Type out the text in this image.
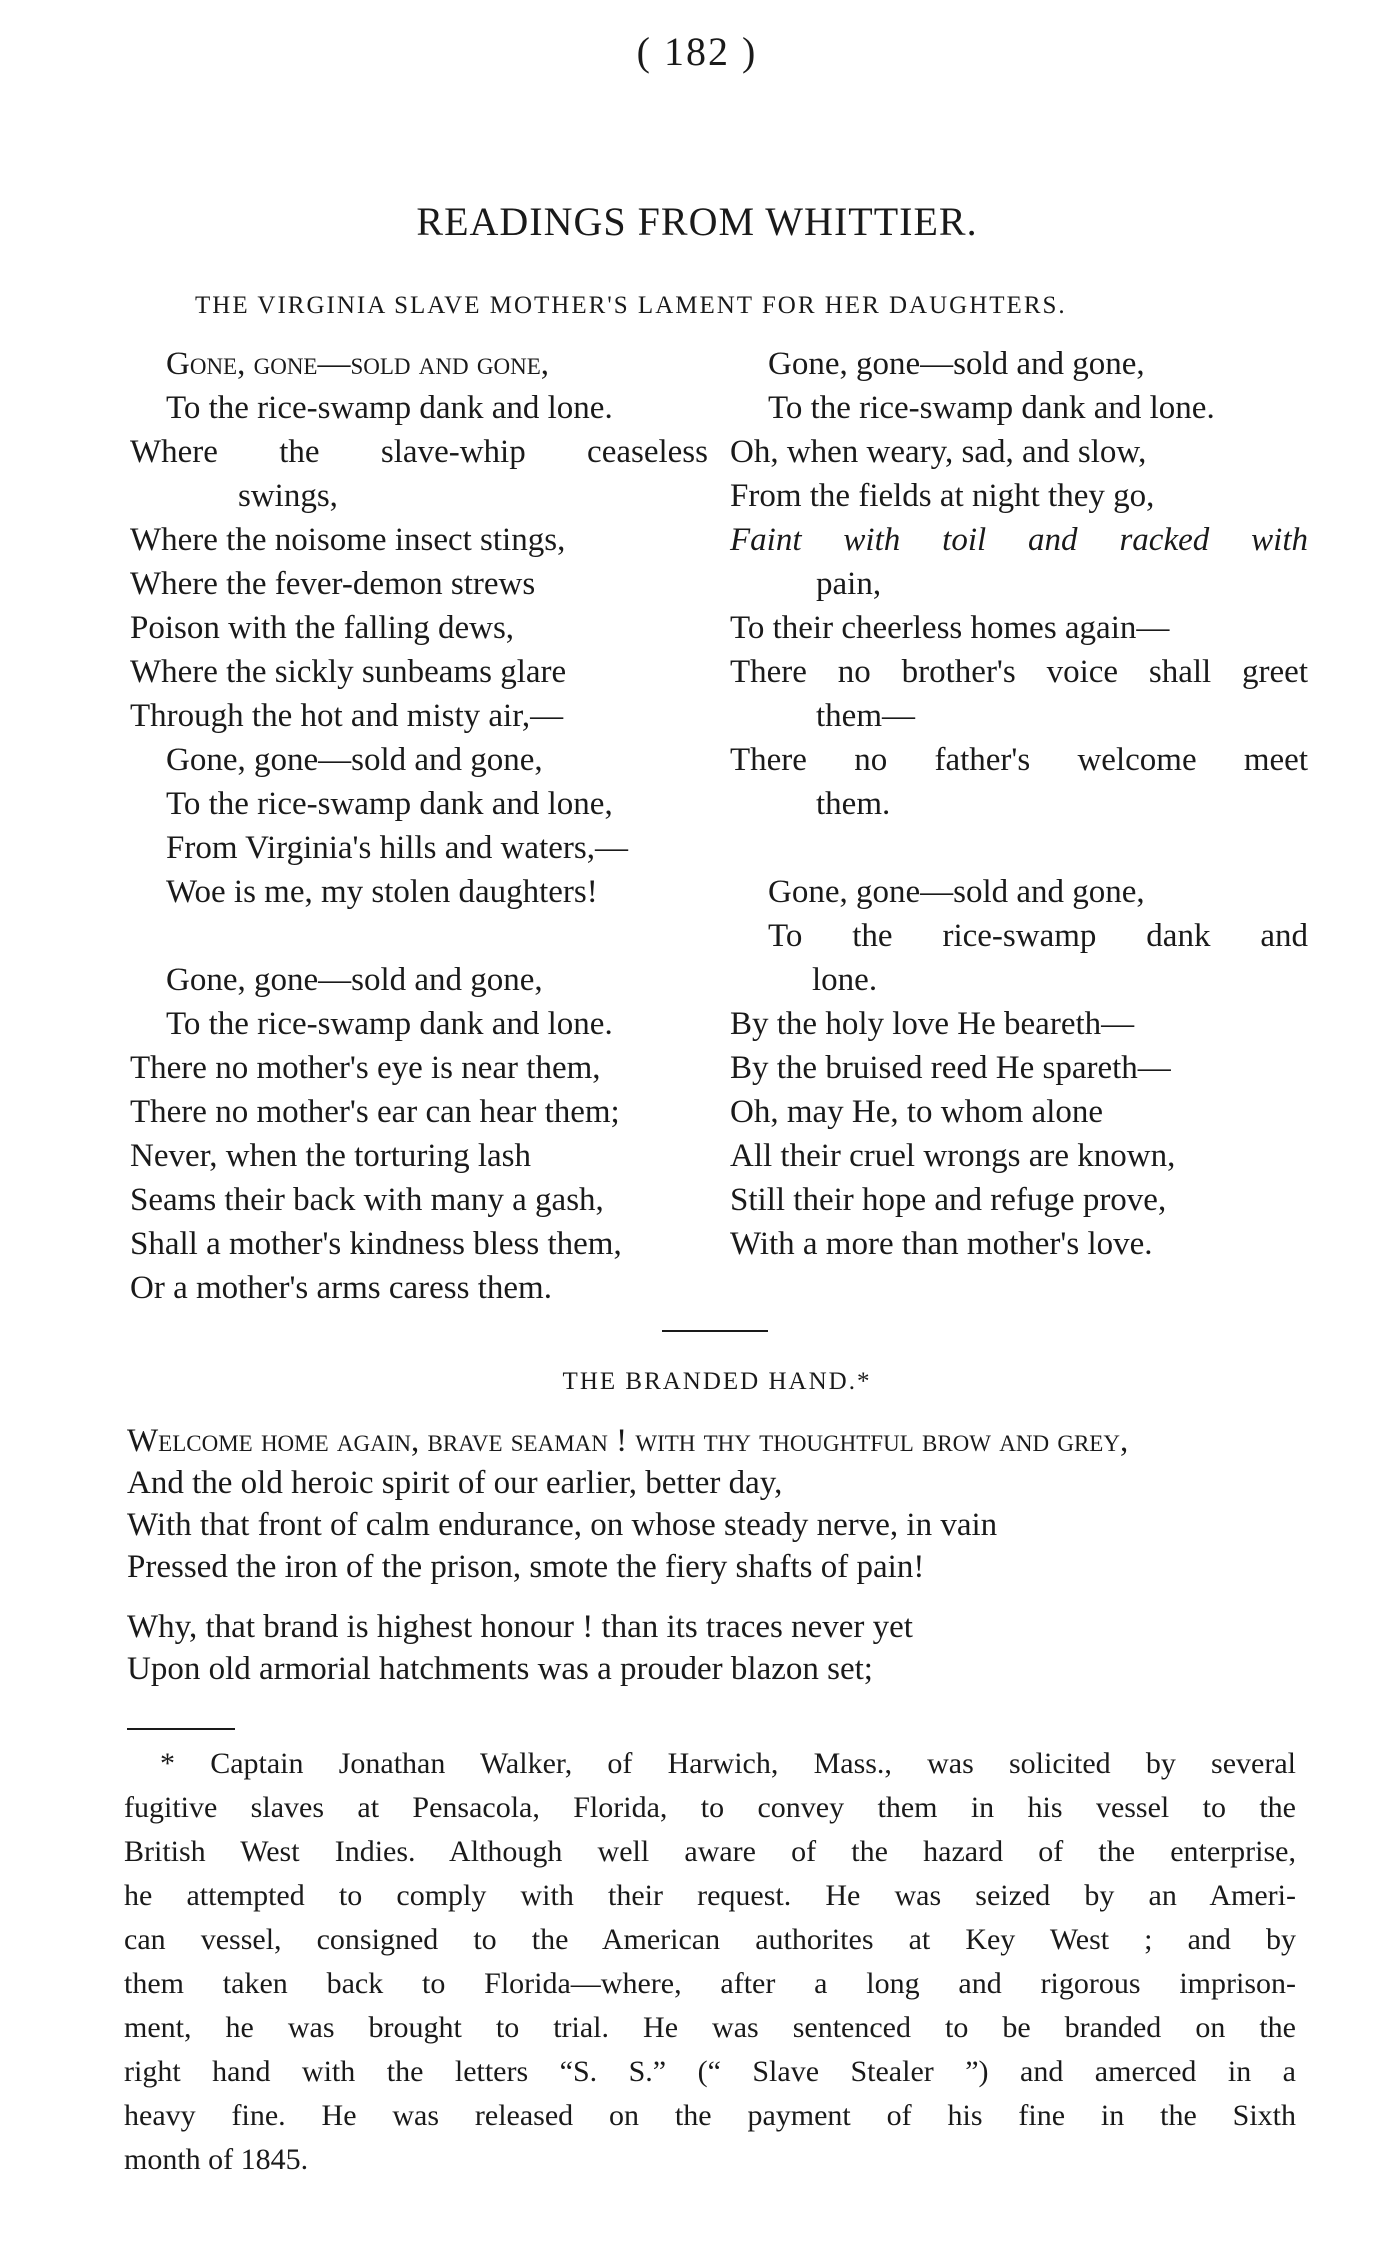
( 182 )
READINGS FROM WHITTIER.
THE VIRGINIA SLAVE MOTHER'S LAMENT FOR HER DAUGHTERS.
Gone, gone—sold and gone,
To the rice-swamp dank and lone.
Where the slave-whip ceaseless
swings,
Where the noisome insect stings,
Where the fever-demon strews
Poison with the falling dews,
Where the sickly sunbeams glare
Through the hot and misty air,—
Gone, gone—sold and gone,
To the rice-swamp dank and lone,
From Virginia's hills and waters,—
Woe is me, my stolen daughters!
Gone, gone—sold and gone,
To the rice-swamp dank and lone.
There no mother's eye is near them,
There no mother's ear can hear them;
Never, when the torturing lash
Seams their back with many a gash,
Shall a mother's kindness bless them,
Or a mother's arms caress them.
Gone, gone—sold and gone,
To the rice-swamp dank and lone.
Oh, when weary, sad, and slow,
From the fields at night they go,
Faint with toil and racked with
pain,
To their cheerless homes again—
There no brother's voice shall greet
them—
There no father's welcome meet
them.
Gone, gone—sold and gone,
To the rice-swamp dank and
lone.
By the holy love He beareth—
By the bruised reed He spareth—
Oh, may He, to whom alone
All their cruel wrongs are known,
Still their hope and refuge prove,
With a more than mother's love.
THE BRANDED HAND.*
Welcome home again, brave seaman ! with thy thoughtful brow and grey,
And the old heroic spirit of our earlier, better day,
With that front of calm endurance, on whose steady nerve, in vain
Pressed the iron of the prison, smote the fiery shafts of pain!
Why, that brand is highest honour ! than its traces never yet
Upon old armorial hatchments was a prouder blazon set;
* Captain Jonathan Walker, of Harwich, Mass., was solicited by several
fugitive slaves at Pensacola, Florida, to convey them in his vessel to the
British West Indies. Although well aware of the hazard of the enterprise,
he attempted to comply with their request. He was seized by an Ameri-
can vessel, consigned to the American authorites at Key West ; and by
them taken back to Florida—where, after a long and rigorous imprison-
ment, he was brought to trial. He was sentenced to be branded on the
right hand with the letters “S. S.” (“ Slave Stealer ”) and amerced in a
heavy fine. He was released on the payment of his fine in the Sixth
month of 1845.
